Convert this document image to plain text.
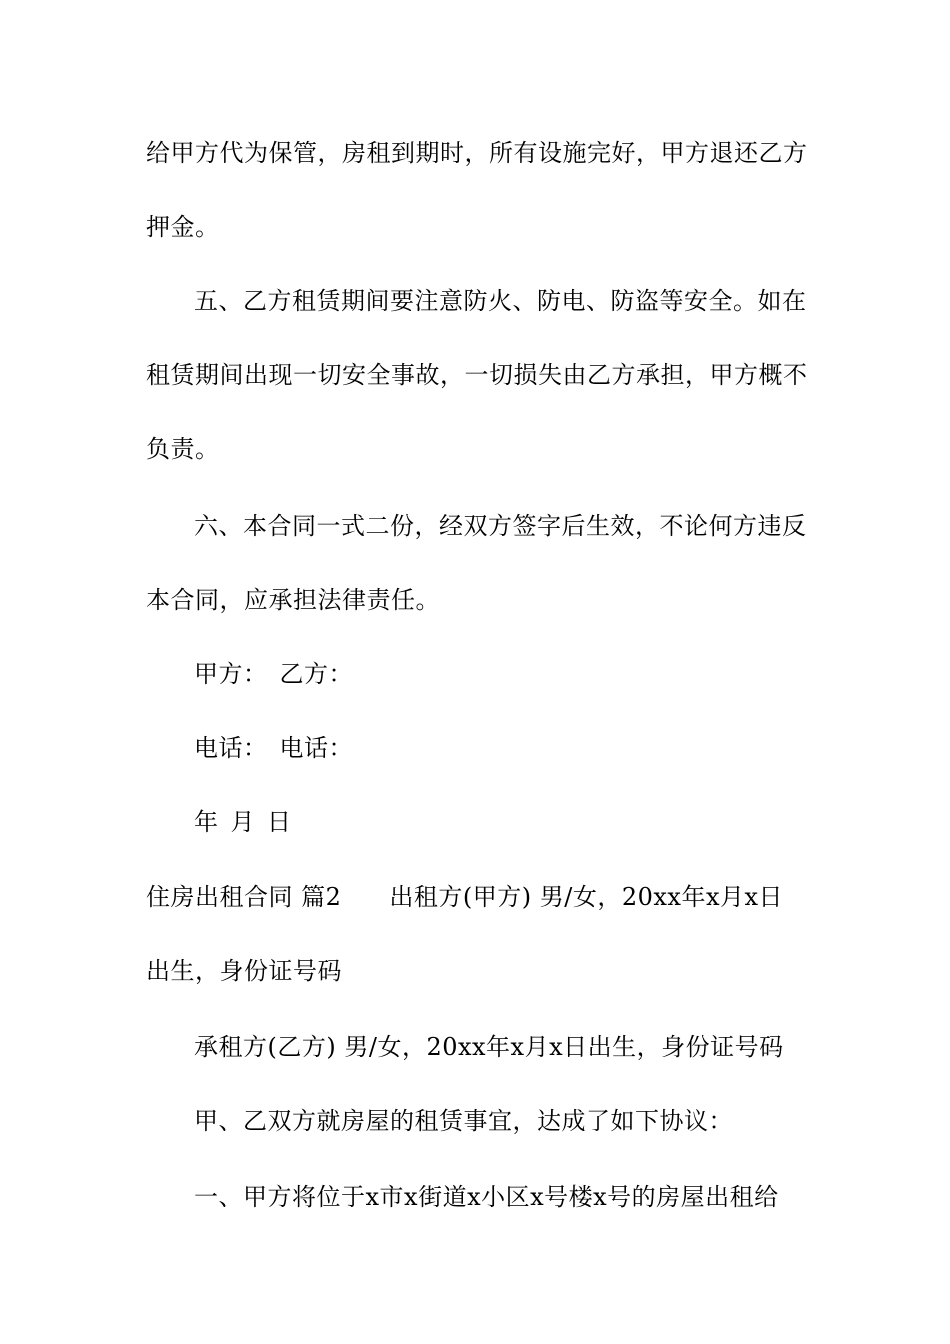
给甲方代为保管，房租到期时，所有设施完好，甲方退还乙方
押金。
五、乙方租赁期间要注意防火、防电、防盗等安全。如在
租赁期间出现一切安全事故，一切损失由乙方承担，甲方概不
负责。
六、本合同一式二份，经双方签字后生效，不论何方违反
本合同，应承担法律责任。
甲方： 乙方：
电话： 电话：
年 月 日
住房出租合同 篇2 出租方(甲方) 男/女，20xx年x月x日
出生，身份证号码
承租方(乙方) 男/女，20xx年x月x日出生，身份证号码
甲、乙双方就房屋的租赁事宜，达成了如下协议：
一、甲方将位于x市x街道x小区x号楼x号的房屋出租给
